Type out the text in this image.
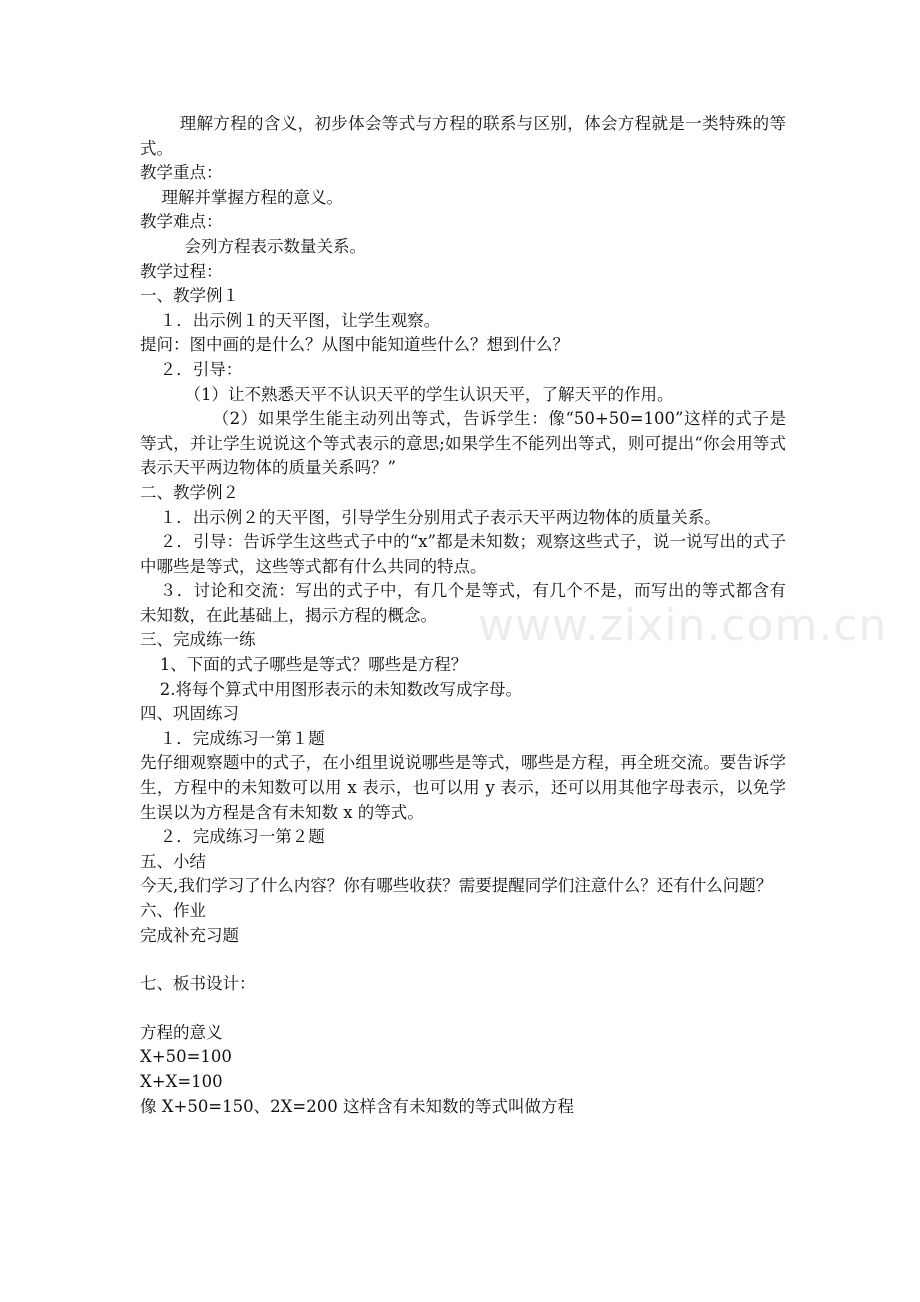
理解方程的含义，初步体会等式与方程的联系与区别，体会方程就是一类特殊的等式。

教学重点：

理解并掌握方程的意义。

教学难点：

会列方程表示数量关系。

教学过程：

一、教学例１

１．出示例１的天平图，让学生观察。

提问：图中画的是什么？从图中能知道些什么？想到什么？

２．引导：

（1）让不熟悉天平不认识天平的学生认识天平，了解天平的作用。

（2）如果学生能主动列出等式，告诉学生：像“50+50=100”这样的式子是等式，并让学生说说这个等式表示的意思;如果学生不能列出等式，则可提出“你会用等式表示天平两边物体的质量关系吗？”

二、教学例２

１．出示例２的天平图，引导学生分别用式子表示天平两边物体的质量关系。

２．引导：告诉学生这些式子中的“x”都是未知数；观察这些式子，说一说写出的式子中哪些是等式，这些等式都有什么共同的特点。

３．讨论和交流：写出的式子中，有几个是等式，有几个不是，而写出的等式都含有未知数，在此基础上，揭示方程的概念。

三、完成练一练

1、下面的式子哪些是等式？哪些是方程？

2.将每个算式中用图形表示的未知数改写成字母。

四、巩固练习

１．完成练习一第１题

先仔细观察题中的式子，在小组里说说哪些是等式，哪些是方程，再全班交流。要告诉学生，方程中的未知数可以用 x 表示，也可以用 y 表示，还可以用其他字母表示，以免学生误以为方程是含有未知数 x 的等式。

２．完成练习一第２题

五、小结

今天,我们学习了什么内容？你有哪些收获？需要提醒同学们注意什么？还有什么问题？

六、作业

完成补充习题

七、板书设计：

方程的意义

X+50=100

X+X=100

像 X+50=150、2X=200 这样含有未知数的等式叫做方程

www.zixin.com.cn
